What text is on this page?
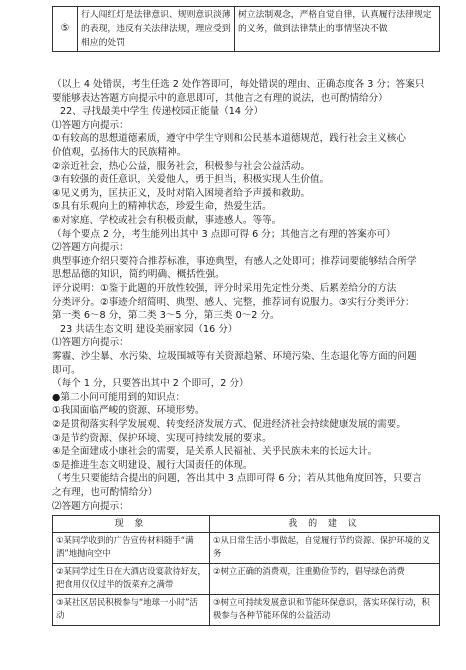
⑤	行人闯红灯是法律意识、规则意识淡薄的表现，违反有关法律法规，理应受到相应的处罚	树立法制观念，严格自觉自律，认真履行法律规定的义务，做到法律禁止的事情坚决不做
（以上 4 处错误，考生任选 2 处作答即可，每处错误的理由、正确态度各 3 分；答案只
要能够表达答题方向提示中的意思即可，其他言之有理的说法，也可酌情给分）
22、寻找最美中学生 传递校园正能量（14 分）
⑴答题方向提示：
①有较高的思想道德素质，遵守中学生守则和公民基本道德规范，践行社会主义核心
价值观，弘扬伟大的民族精神。
②亲近社会，热心公益，服务社会，积极参与社会公益活动。
③有较强的责任意识，关爱他人，勇于担当，积极实现人生价值。
④见义勇为，匡扶正义，及时对陷入困境者给予声援和救助。
⑤具有乐观向上的精神状态，珍爱生命，热爱生活。
⑥对家庭、学校或社会有积极贡献，事迹感人。等等。
（每个要点 2 分，考生能列出其中 3 点即可得 6 分；其他言之有理的答案亦可）
⑵答题方向提示：
典型事迹介绍只要符合推荐标准，事迹典型，有感人之处即可；推荐词要能够结合所学
思想品德的知识，简约明确、概括性强。
评分说明：①鉴于此题的开放性较强，评分时采用先定性分类、后累差给分的方法
分类评分。②事迹介绍简明、典型、感人、完整，推荐词有说服力。③实行分类评分：
第一类 6～8 分，第二类 3～5 分，第三类 0～2 分。
23 共话生态文明 建设美丽家园（16 分）
⑴答题方向提示：
雾霾、沙尘暴、水污染、垃圾围城等有关资源趋紧、环境污染、生态退化等方面的问题
即可。
（每个 1 分，只要答出其中 2 个即可，2 分）
●第二小问可能用到的知识点：
①我国面临严峻的资源、环境形势。
②是贯彻落实科学发展观、转变经济发展方式、促进经济社会持续健康发展的需要。
现 象	我 的 建 议
①某同学收到的广告宣传材料随手“满洒”地抛向空中	①从日常生活小事做起，自觉履行节约资源、保护环境的义务
②某同学过生日在大酒店设宴款待好友，把食用仅仅过半的饭菜弃之满带	②树立正确的消费观，注重勤俭节约，倡导绿色消费
③某社区居民积极参与“地球一小时”活动	③树立可持续发展意识和节能环保意识，落实环保行动，积极参与各种节能环保的公益活动
③是节约资源、保护环境、实现可持续发展的要求。
④是全面建成小康社会的需要，是关系人民福祉、关乎民族未来的长远大计。
⑤是推进生态文明建设、履行大国责任的体现。
（考生只要能结合提出的问题，答出其中 3 点即可得 6 分；若从其他角度回答，只要言
之有理，也可酌情给分）
⑵答题方向提示：
